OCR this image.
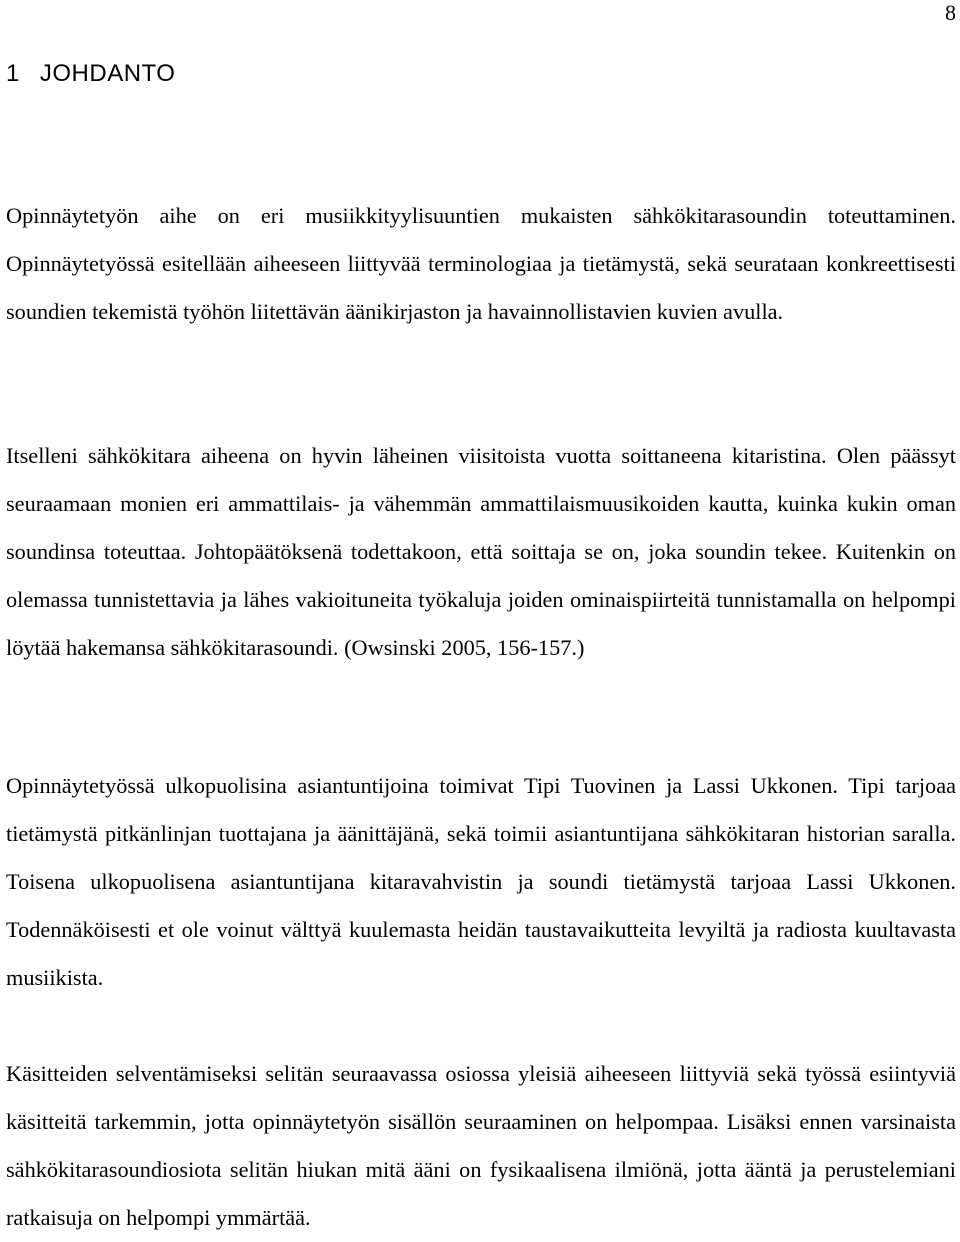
8
1 JOHDANTO

Opinnäytetyön aihe on eri musiikkityylisuuntien mukaisten sähkökitarasoundin toteuttaminen. Opinnäytetyössä esitellään aiheeseen liittyvää terminologiaa ja tietämystä, sekä seurataan konkreettisesti soundien tekemistä työhön liitettävän äänikirjaston ja havainnollistavien kuvien avulla.

Itselleni sähkökitara aiheena on hyvin läheinen viisitoista vuotta soittaneena kitaristina. Olen päässyt seuraamaan monien eri ammattilais- ja vähemmän ammattilaismuusikoiden kautta, kuinka kukin oman soundinsa toteuttaa. Johtopäätöksenä todettakoon, että soittaja se on, joka soundin tekee. Kuitenkin on olemassa tunnistettavia ja lähes vakioituneita työkaluja joiden ominaispiirteitä tunnistamalla on helpompi löytää hakemansa sähkökitarasoundi. (Owsinski 2005, 156-157.)

Opinnäytetyössä ulkopuolisina asiantuntijoina toimivat Tipi Tuovinen ja Lassi Ukkonen. Tipi tarjoaa tietämystä pitkänlinjan tuottajana ja äänittäjänä, sekä toimii asiantuntijana sähkökitaran historian saralla. Toisena ulkopuolisena asiantuntijana kitaravahvistin ja soundi tietämystä tarjoaa Lassi Ukkonen. Todennäköisesti et ole voinut välttyä kuulemasta heidän taustavaikutteita levyiltä ja radiosta kuultavasta musiikista.

Käsitteiden selventämiseksi selitän seuraavassa osiossa yleisiä aiheeseen liittyviä sekä työssä esiintyviä käsitteitä tarkemmin, jotta opinnäytetyön sisällön seuraaminen on helpompaa. Lisäksi ennen varsinaista sähkökitarasoundiosiota selitän hiukan mitä ääni on fysikaalisena ilmiönä, jotta ääntä ja perustelemiani ratkaisuja on helpompi ymmärtää.
